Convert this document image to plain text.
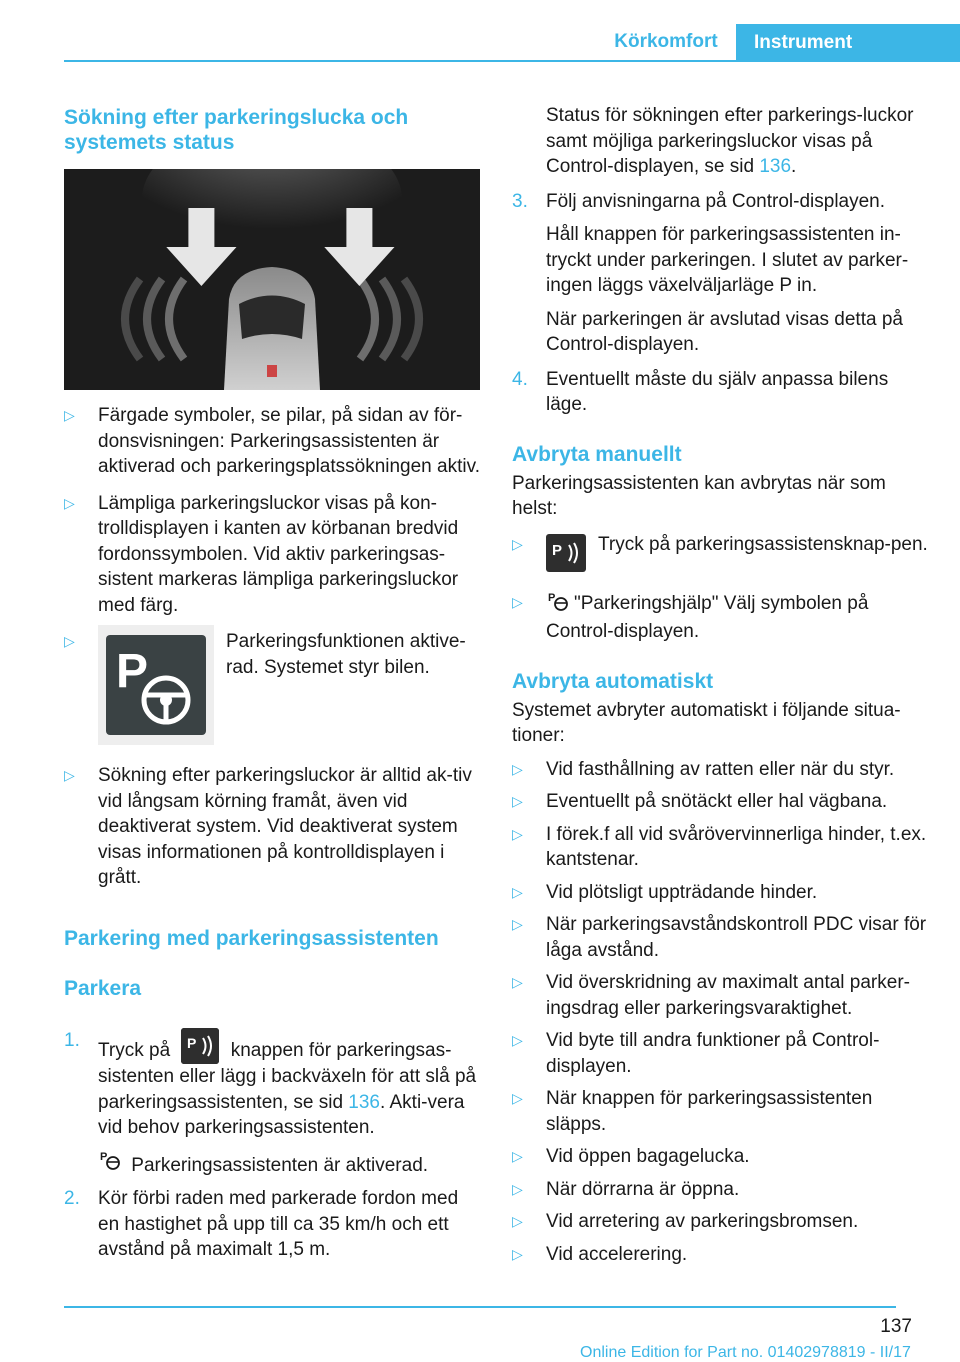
Körkomfort	Instrument
Sökning efter parkeringslucka och
systemets status
▷ Färgade symboler, se pilar, på sidan av för-donsvisningen: Parkeringsassistenten är aktiverad och parkeringsplatssökningen aktiv.
▷ Lämpliga parkeringsluckor visas på kon-trolldisplayen i kanten av körbanan bredvid fordonssymbolen. Vid aktiv parkeringsas-sistent markeras lämpliga parkeringsluckor med färg.
▷
P
Parkeringsfunktionen aktive-rad. Systemet styr bilen.
▷ Sökning efter parkeringsluckor är alltid ak-tiv vid långsam körning framåt, även vid deaktiverat system. Vid deaktiverat system visas informationen på kontrolldisplayen i grått.
Parkering med parkeringsassistenten
Parkera
1. Tryck på P knappen för parkeringsas-sistenten eller lägg i backväxeln för att slå på parkeringsassistenten, se sid 136. Akti-vera vid behov parkeringsassistenten.
P Parkeringsassistenten är aktiverad.
2. Kör förbi raden med parkerade fordon med en hastighet på upp till ca 35 km/h och ett avstånd på maximalt 1,5 m.
Status för sökningen efter parkerings-luckor samt möjliga parkeringsluckor visas på Control-displayen, se sid 136.
3. Följ anvisningarna på Control-displayen.
Håll knappen för parkeringsassistenten in-tryckt under parkeringen. I slutet av parker-ingen läggs växelväljarläge P in.
När parkeringen är avslutad visas detta på Control-displayen.
4. Eventuellt måste du själv anpassa bilens läge.
Avbryta manuellt

Parkeringsassistenten kan avbrytas när som helst:

▷ P Tryck på parkeringsassistensknap-pen.
▷ P "Parkeringshjälp" Välj symbolen på Control-displayen.
Avbryta automatiskt

Systemet avbryter automatiskt i följande situa-tioner:

▷ Vid fasthållning av ratten eller när du styr.
▷ Eventuellt på snötäckt eller hal vägbana.
▷ I förek.f all vid svårövervinnerliga hinder, t.ex. kantstenar.
▷ Vid plötsligt uppträdande hinder.
▷ När parkeringsavståndskontroll PDC visar för låga avstånd.
▷ Vid överskridning av maximalt antal parker-ingsdrag eller parkeringsvaraktighet.
▷ Vid byte till andra funktioner på Control-displayen.
▷ När knappen för parkeringsassistenten släpps.
▷ Vid öppen bagagelucka.
▷ När dörrarna är öppna.
▷ Vid arretering av parkeringsbromsen.
▷ Vid accelerering.
137
Online Edition for Part no. 01402978819 - II/17
